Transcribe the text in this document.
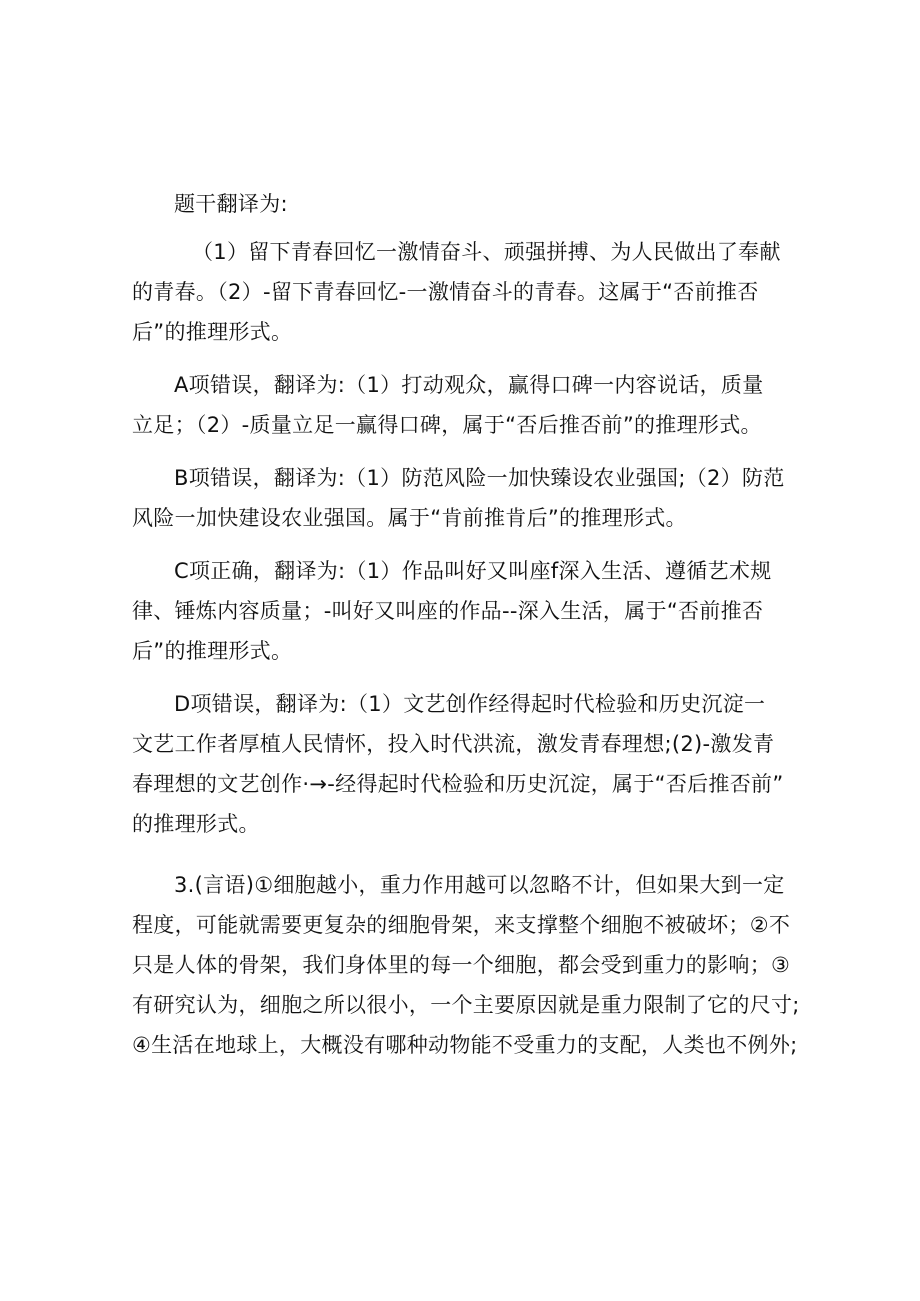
题干翻译为:

（1）留下青春回忆一激情奋斗、顽强拼搏、为人民做出了奉献
的青春。（2）-留下青春回忆-一激情奋斗的青春。这属于“否前推否
后”的推理形式。

A项错误，翻译为:（1）打动观众，赢得口碑一内容说话，质量
立足；（2）-质量立足一赢得口碑，属于“否后推否前”的推理形式。

B项错误，翻译为:（1）防范风险一加快臻设农业强国;（2）防范
风险一加快建设农业强国。属于“肯前推肯后”的推理形式。

C项正确，翻译为:（1）作品叫好又叫座f深入生活、遵循艺术规
律、锤炼内容质量；-叫好又叫座的作品--深入生活，属于“否前推否
后”的推理形式。

D项错误，翻译为:（1）文艺创作经得起时代检验和历史沉淀一
文艺工作者厚植人民情怀，投入时代洪流，激发青春理想;(2)-激发青
春理想的文艺创作·→-经得起时代检验和历史沉淀，属于“否后推否前”
的推理形式。

3.(言语)①细胞越小，重力作用越可以忽略不计，但如果大到一定
程度，可能就需要更复杂的细胞骨架，来支撑整个细胞不被破坏；②不
只是人体的骨架，我们身体里的每一个细胞，都会受到重力的影响；③
有研究认为，细胞之所以很小，一个主要原因就是重力限制了它的尺寸;
④生活在地球上，大概没有哪种动物能不受重力的支配，人类也不例外;
